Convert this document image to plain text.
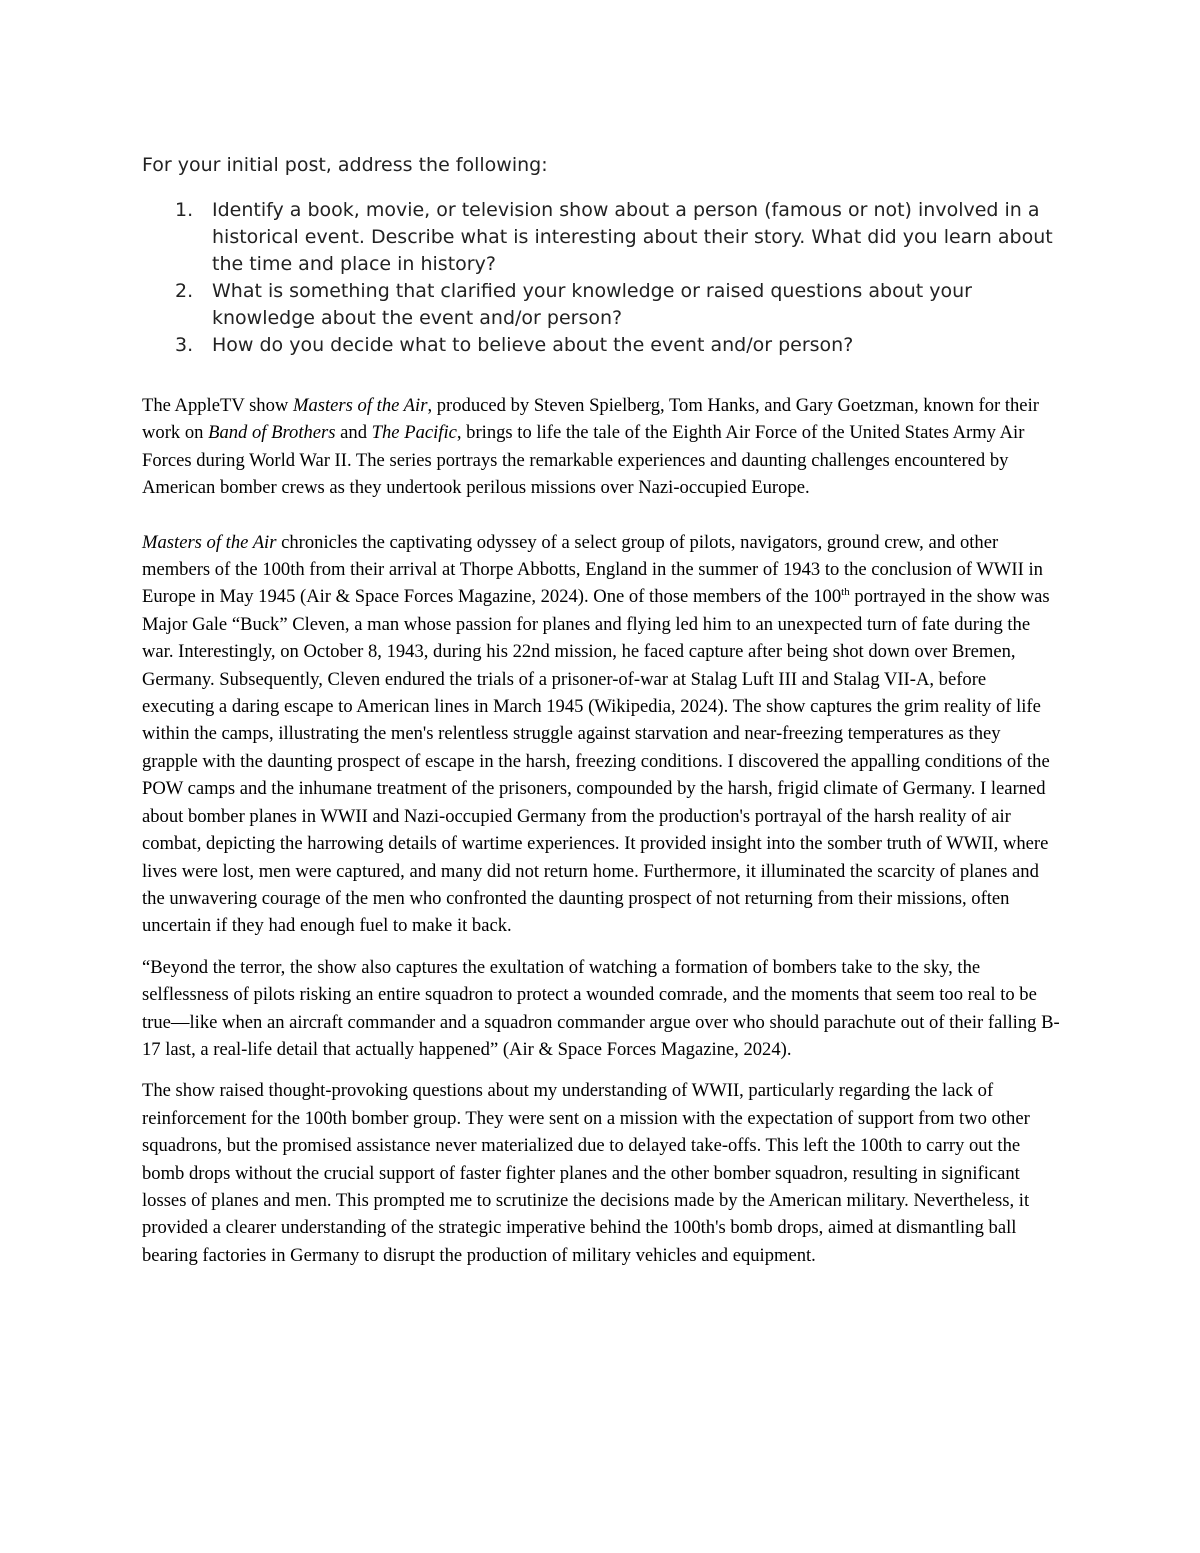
For your initial post, address the following:

1. Identify a book, movie, or television show about a person (famous or not) involved in a historical event. Describe what is interesting about their story. What did you learn about the time and place in history?
2. What is something that clarified your knowledge or raised questions about your knowledge about the event and/or person?
3. How do you decide what to believe about the event and/or person?

The AppleTV show Masters of the Air, produced by Steven Spielberg, Tom Hanks, and Gary Goetzman, known for their work on Band of Brothers and The Pacific, brings to life the tale of the Eighth Air Force of the United States Army Air Forces during World War II. The series portrays the remarkable experiences and daunting challenges encountered by American bomber crews as they undertook perilous missions over Nazi-occupied Europe.

Masters of the Air chronicles the captivating odyssey of a select group of pilots, navigators, ground crew, and other members of the 100th from their arrival at Thorpe Abbotts, England in the summer of 1943 to the conclusion of WWII in Europe in May 1945 (Air & Space Forces Magazine, 2024). One of those members of the 100th portrayed in the show was Major Gale “Buck” Cleven, a man whose passion for planes and flying led him to an unexpected turn of fate during the war. Interestingly, on October 8, 1943, during his 22nd mission, he faced capture after being shot down over Bremen, Germany. Subsequently, Cleven endured the trials of a prisoner-of-war at Stalag Luft III and Stalag VII-A, before executing a daring escape to American lines in March 1945 (Wikipedia, 2024). The show captures the grim reality of life within the camps, illustrating the men's relentless struggle against starvation and near-freezing temperatures as they grapple with the daunting prospect of escape in the harsh, freezing conditions. I discovered the appalling conditions of the POW camps and the inhumane treatment of the prisoners, compounded by the harsh, frigid climate of Germany. I learned about bomber planes in WWII and Nazi-occupied Germany from the production's portrayal of the harsh reality of air combat, depicting the harrowing details of wartime experiences. It provided insight into the somber truth of WWII, where lives were lost, men were captured, and many did not return home. Furthermore, it illuminated the scarcity of planes and the unwavering courage of the men who confronted the daunting prospect of not returning from their missions, often uncertain if they had enough fuel to make it back.

“Beyond the terror, the show also captures the exultation of watching a formation of bombers take to the sky, the selflessness of pilots risking an entire squadron to protect a wounded comrade, and the moments that seem too real to be true—like when an aircraft commander and a squadron commander argue over who should parachute out of their falling B-17 last, a real-life detail that actually happened” (Air & Space Forces Magazine, 2024).

The show raised thought-provoking questions about my understanding of WWII, particularly regarding the lack of reinforcement for the 100th bomber group. They were sent on a mission with the expectation of support from two other squadrons, but the promised assistance never materialized due to delayed take-offs. This left the 100th to carry out the bomb drops without the crucial support of faster fighter planes and the other bomber squadron, resulting in significant losses of planes and men. This prompted me to scrutinize the decisions made by the American military. Nevertheless, it provided a clearer understanding of the strategic imperative behind the 100th's bomb drops, aimed at dismantling ball bearing factories in Germany to disrupt the production of military vehicles and equipment.
